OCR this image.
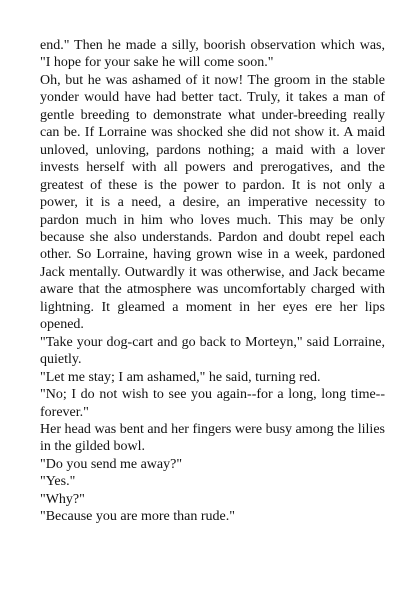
end." Then he made a silly, boorish observation which was, "I hope for your sake he will come soon."

Oh, but he was ashamed of it now! The groom in the stable yonder would have had better tact. Truly, it takes a man of gentle breeding to demonstrate what under-breeding really can be. If Lorraine was shocked she did not show it. A maid unloved, unloving, pardons nothing; a maid with a lover invests herself with all powers and prerogatives, and the greatest of these is the power to pardon. It is not only a power, it is a need, a desire, an imperative necessity to pardon much in him who loves much. This may be only because she also understands. Pardon and doubt repel each other. So Lorraine, having grown wise in a week, pardoned Jack mentally. Outwardly it was otherwise, and Jack became aware that the atmosphere was uncomfortably charged with lightning. It gleamed a moment in her eyes ere her lips opened.

"Take your dog-cart and go back to Morteyn," said Lorraine, quietly.

"Let me stay; I am ashamed," he said, turning red.

"No; I do not wish to see you again--for a long, long time--forever."

Her head was bent and her fingers were busy among the lilies in the gilded bowl.

"Do you send me away?"

"Yes."

"Why?"

"Because you are more than rude."
